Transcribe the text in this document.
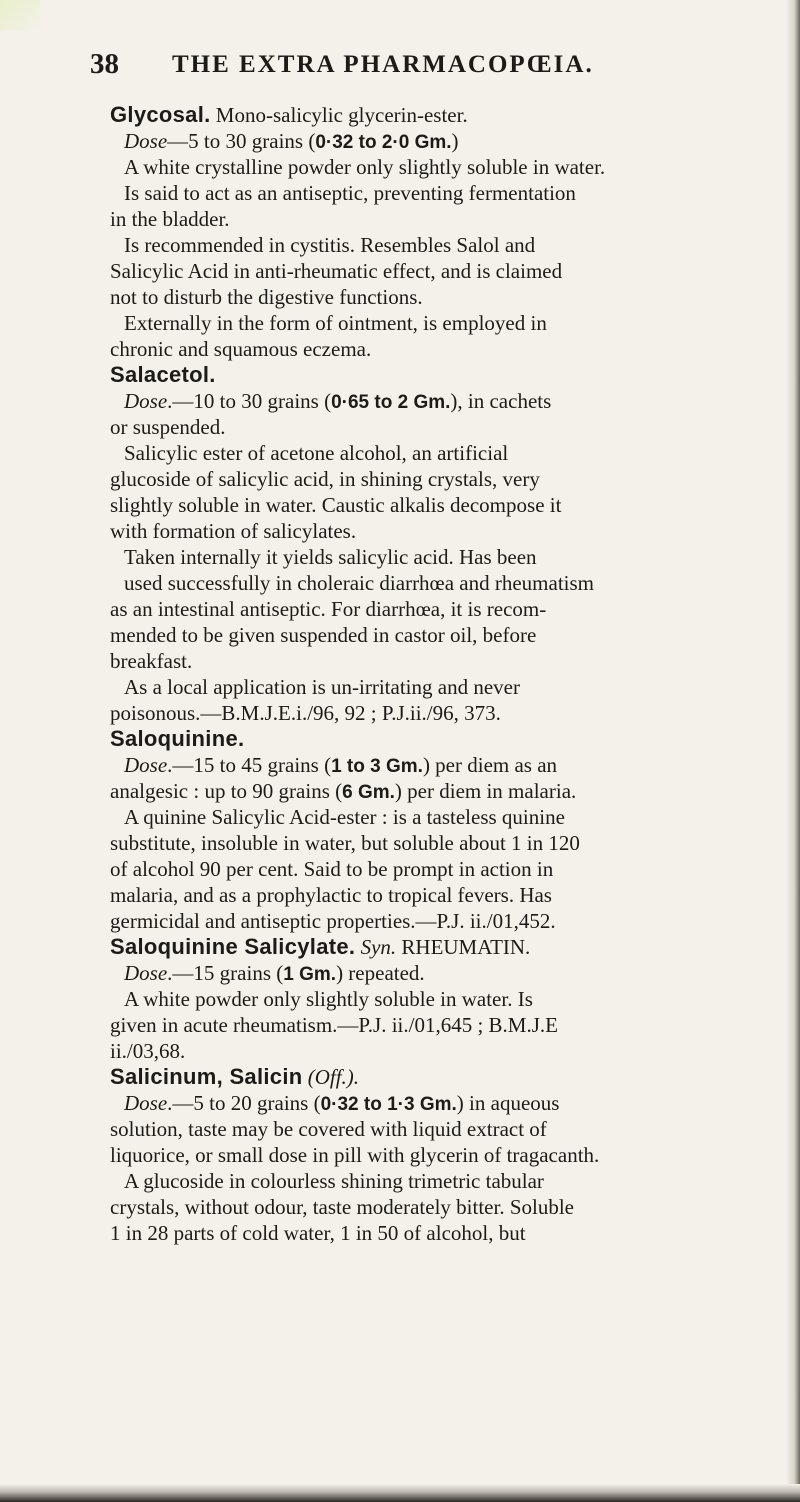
38 THE EXTRA PHARMACOPŒIA.
Glycosal. Mono-salicylic glycerin-ester.
Dose—5 to 30 grains (0·32 to 2·0 Gm.)
A white crystalline powder only slightly soluble in water.
Is said to act as an antiseptic, preventing fermentation
in the bladder.
Is recommended in cystitis. Resembles Salol and
Salicylic Acid in anti-rheumatic effect, and is claimed
not to disturb the digestive functions.
Externally in the form of ointment, is employed in
chronic and squamous eczema.
Salacetol.
Dose.—10 to 30 grains (0·65 to 2 Gm.), in cachets
or suspended.
Salicylic ester of acetone alcohol, an artificial
glucoside of salicylic acid, in shining crystals, very
slightly soluble in water. Caustic alkalis decompose it
with formation of salicylates.
Taken internally it yields salicylic acid. Has been
used successfully in choleraic diarrhœa and rheumatism
as an intestinal antiseptic. For diarrhœa, it is recom-
mended to be given suspended in castor oil, before
breakfast.
As a local application is un-irritating and never
poisonous.—B.M.J.E.i./96, 92 ; P.J.ii./96, 373.
Saloquinine.
Dose.—15 to 45 grains (1 to 3 Gm.) per diem as an
analgesic : up to 90 grains (6 Gm.) per diem in malaria.
A quinine Salicylic Acid-ester : is a tasteless quinine
substitute, insoluble in water, but soluble about 1 in 120
of alcohol 90 per cent. Said to be prompt in action in
malaria, and as a prophylactic to tropical fevers. Has
germicidal and antiseptic properties.—P.J. ii./01,452.
Saloquinine Salicylate. Syn. RHEUMATIN.
Dose.—15 grains (1 Gm.) repeated.
A white powder only slightly soluble in water. Is
given in acute rheumatism.—P.J. ii./01,645 ; B.M.J.E
ii./03,68.
Salicinum, Salicin (Off.).
Dose.—5 to 20 grains (0·32 to 1·3 Gm.) in aqueous
solution, taste may be covered with liquid extract of
liquorice, or small dose in pill with glycerin of tragacanth.
A glucoside in colourless shining trimetric tabular
crystals, without odour, taste moderately bitter. Soluble
1 in 28 parts of cold water, 1 in 50 of alcohol, but
